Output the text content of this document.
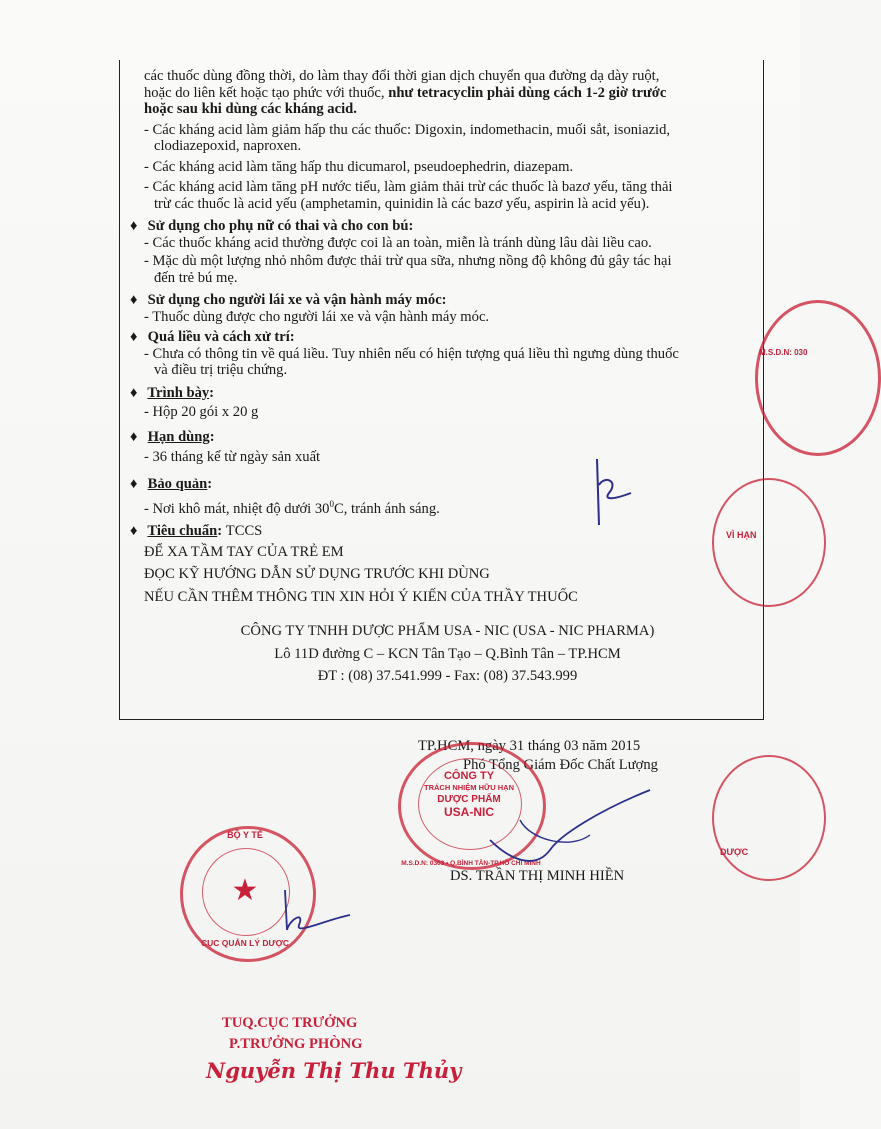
các thuốc dùng đồng thời, do làm thay đổi thời gian dịch chuyển qua đường dạ dày ruột,
hoặc do liên kết hoặc tạo phức với thuốc, như tetracyclin phải dùng cách 1-2 giờ trước
hoặc sau khi dùng các kháng acid.
- Các kháng acid làm giảm hấp thu các thuốc: Digoxin, indomethacin, muối sắt, isoniazid,
clodiazepoxid, naproxen.
- Các kháng acid làm tăng hấp thu dicumarol, pseudoephedrin, diazepam.
- Các kháng acid làm tăng pH nước tiểu, làm giảm thải trừ các thuốc là bazơ yếu, tăng thải
trừ các thuốc là acid yếu (amphetamin, quinidin là các bazơ yếu, aspirin là acid yếu).
♦ Sử dụng cho phụ nữ có thai và cho con bú:
- Các thuốc kháng acid thường được coi là an toàn, miễn là tránh dùng lâu dài liều cao.
- Mặc dù một lượng nhỏ nhôm được thải trừ qua sữa, nhưng nồng độ không đủ gây tác hại
đến trẻ bú mẹ.
♦ Sử dụng cho người lái xe và vận hành máy móc:
- Thuốc dùng được cho người lái xe và vận hành máy móc.
♦ Quá liều và cách xử trí:
- Chưa có thông tin về quá liều. Tuy nhiên nếu có hiện tượng quá liều thì ngưng dùng thuốc
và điều trị triệu chứng.
♦ Trình bày:
- Hộp 20 gói x 20 g
♦ Hạn dùng:
- 36 tháng kể từ ngày sản xuất
♦ Bảo quản:
- Nơi khô mát, nhiệt độ dưới $30^0C$, tránh ánh sáng.
♦ Tiêu chuẩn: TCCS
ĐỂ XA TẦM TAY CỦA TRẺ EM
ĐỌC KỸ HƯỚNG DẪN SỬ DỤNG TRƯỚC KHI DÙNG
NẾU CẦN THÊM THÔNG TIN XIN HỎI Ý KIẾN CỦA THẦY THUỐC
CÔNG TY TNHH DƯỢC PHẨM USA - NIC (USA - NIC PHARMA)
Lô 11D đường C – KCN Tân Tạo – Q.Bình Tân – TP.HCM
ĐT : (08) 37.541.999 - Fax: (08) 37.543.999
TP.HCM, ngày 31 tháng 03 năm 2015
Phó Tổng Giám Đốc Chất Lượng
DS. TRẦN THỊ MINH HIỀN
CÔNG TY
TRÁCH NHIỆM HỮU HẠN
DƯỢC PHẨM
USA-NIC
M.S.D.N: 0303 • Q.BÌNH TÂN-TP.HỒ CHÍ MINH
★
BỘ Y TẾ
CỤC QUẢN LÝ DƯỢC
TUQ.CỤC TRƯỞNG
P.TRƯỞNG PHÒNG
Nguyễn Thị Thu Thủy
M.S.D.N: 030
VÌ HẠN
DƯỢC
